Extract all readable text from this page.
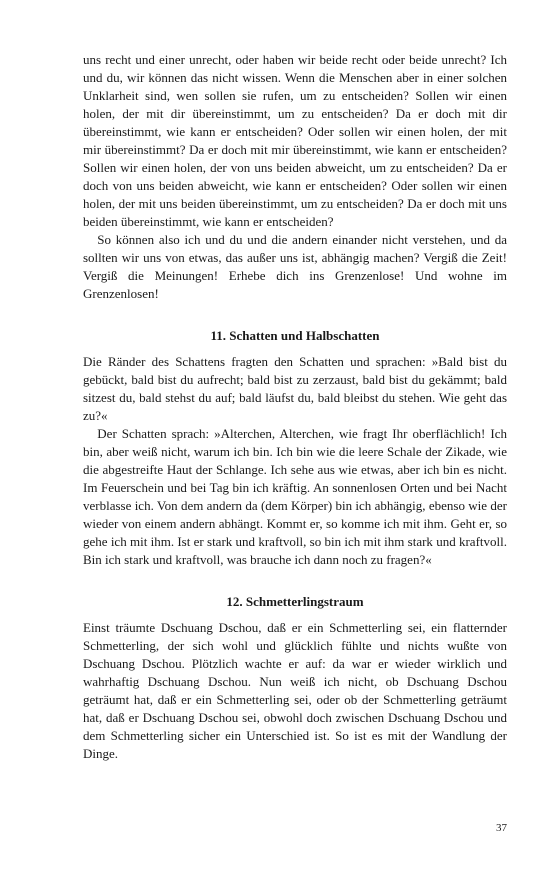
uns recht und einer unrecht, oder haben wir beide recht oder beide unrecht? Ich und du, wir können das nicht wissen. Wenn die Menschen aber in einer solchen Unklarheit sind, wen sollen sie rufen, um zu entscheiden? Sollen wir einen holen, der mit dir übereinstimmt, um zu entscheiden? Da er doch mit dir übereinstimmt, wie kann er entscheiden? Oder sollen wir einen holen, der mit mir übereinstimmt? Da er doch mit mir übereinstimmt, wie kann er entscheiden? Sollen wir einen holen, der von uns beiden abweicht, um zu entscheiden? Da er doch von uns beiden abweicht, wie kann er entscheiden? Oder sollen wir einen holen, der mit uns beiden übereinstimmt, um zu entscheiden? Da er doch mit uns beiden übereinstimmt, wie kann er entscheiden?

So können also ich und du und die andern einander nicht verstehen, und da sollten wir uns von etwas, das außer uns ist, abhängig machen? Vergiß die Zeit! Vergiß die Meinungen! Erhebe dich ins Grenzenlose! Und wohne im Grenzenlosen!

11. Schatten und Halbschatten

Die Ränder des Schattens fragten den Schatten und sprachen: »Bald bist du gebückt, bald bist du aufrecht; bald bist zu zerzaust, bald bist du gekämmt; bald sitzest du, bald stehst du auf; bald läufst du, bald bleibst du stehen. Wie geht das zu?«

Der Schatten sprach: »Alterchen, Alterchen, wie fragt Ihr oberflächlich! Ich bin, aber weiß nicht, warum ich bin. Ich bin wie die leere Schale der Zikade, wie die abgestreifte Haut der Schlange. Ich sehe aus wie etwas, aber ich bin es nicht. Im Feuerschein und bei Tag bin ich kräftig. An sonnenlosen Orten und bei Nacht verblasse ich. Von dem andern da (dem Körper) bin ich abhängig, ebenso wie der wieder von einem andern abhängt. Kommt er, so komme ich mit ihm. Geht er, so gehe ich mit ihm. Ist er stark und kraftvoll, so bin ich mit ihm stark und kraftvoll. Bin ich stark und kraftvoll, was brauche ich dann noch zu fragen?«

12. Schmetterlingstraum

Einst träumte Dschuang Dschou, daß er ein Schmetterling sei, ein flatternder Schmetterling, der sich wohl und glücklich fühlte und nichts wußte von Dschuang Dschou. Plötzlich wachte er auf: da war er wieder wirklich und wahrhaftig Dschuang Dschou. Nun weiß ich nicht, ob Dschuang Dschou geträumt hat, daß er ein Schmetterling sei, oder ob der Schmetterling geträumt hat, daß er Dschuang Dschou sei, obwohl doch zwischen Dschuang Dschou und dem Schmetterling sicher ein Unterschied ist. So ist es mit der Wandlung der Dinge.

37
